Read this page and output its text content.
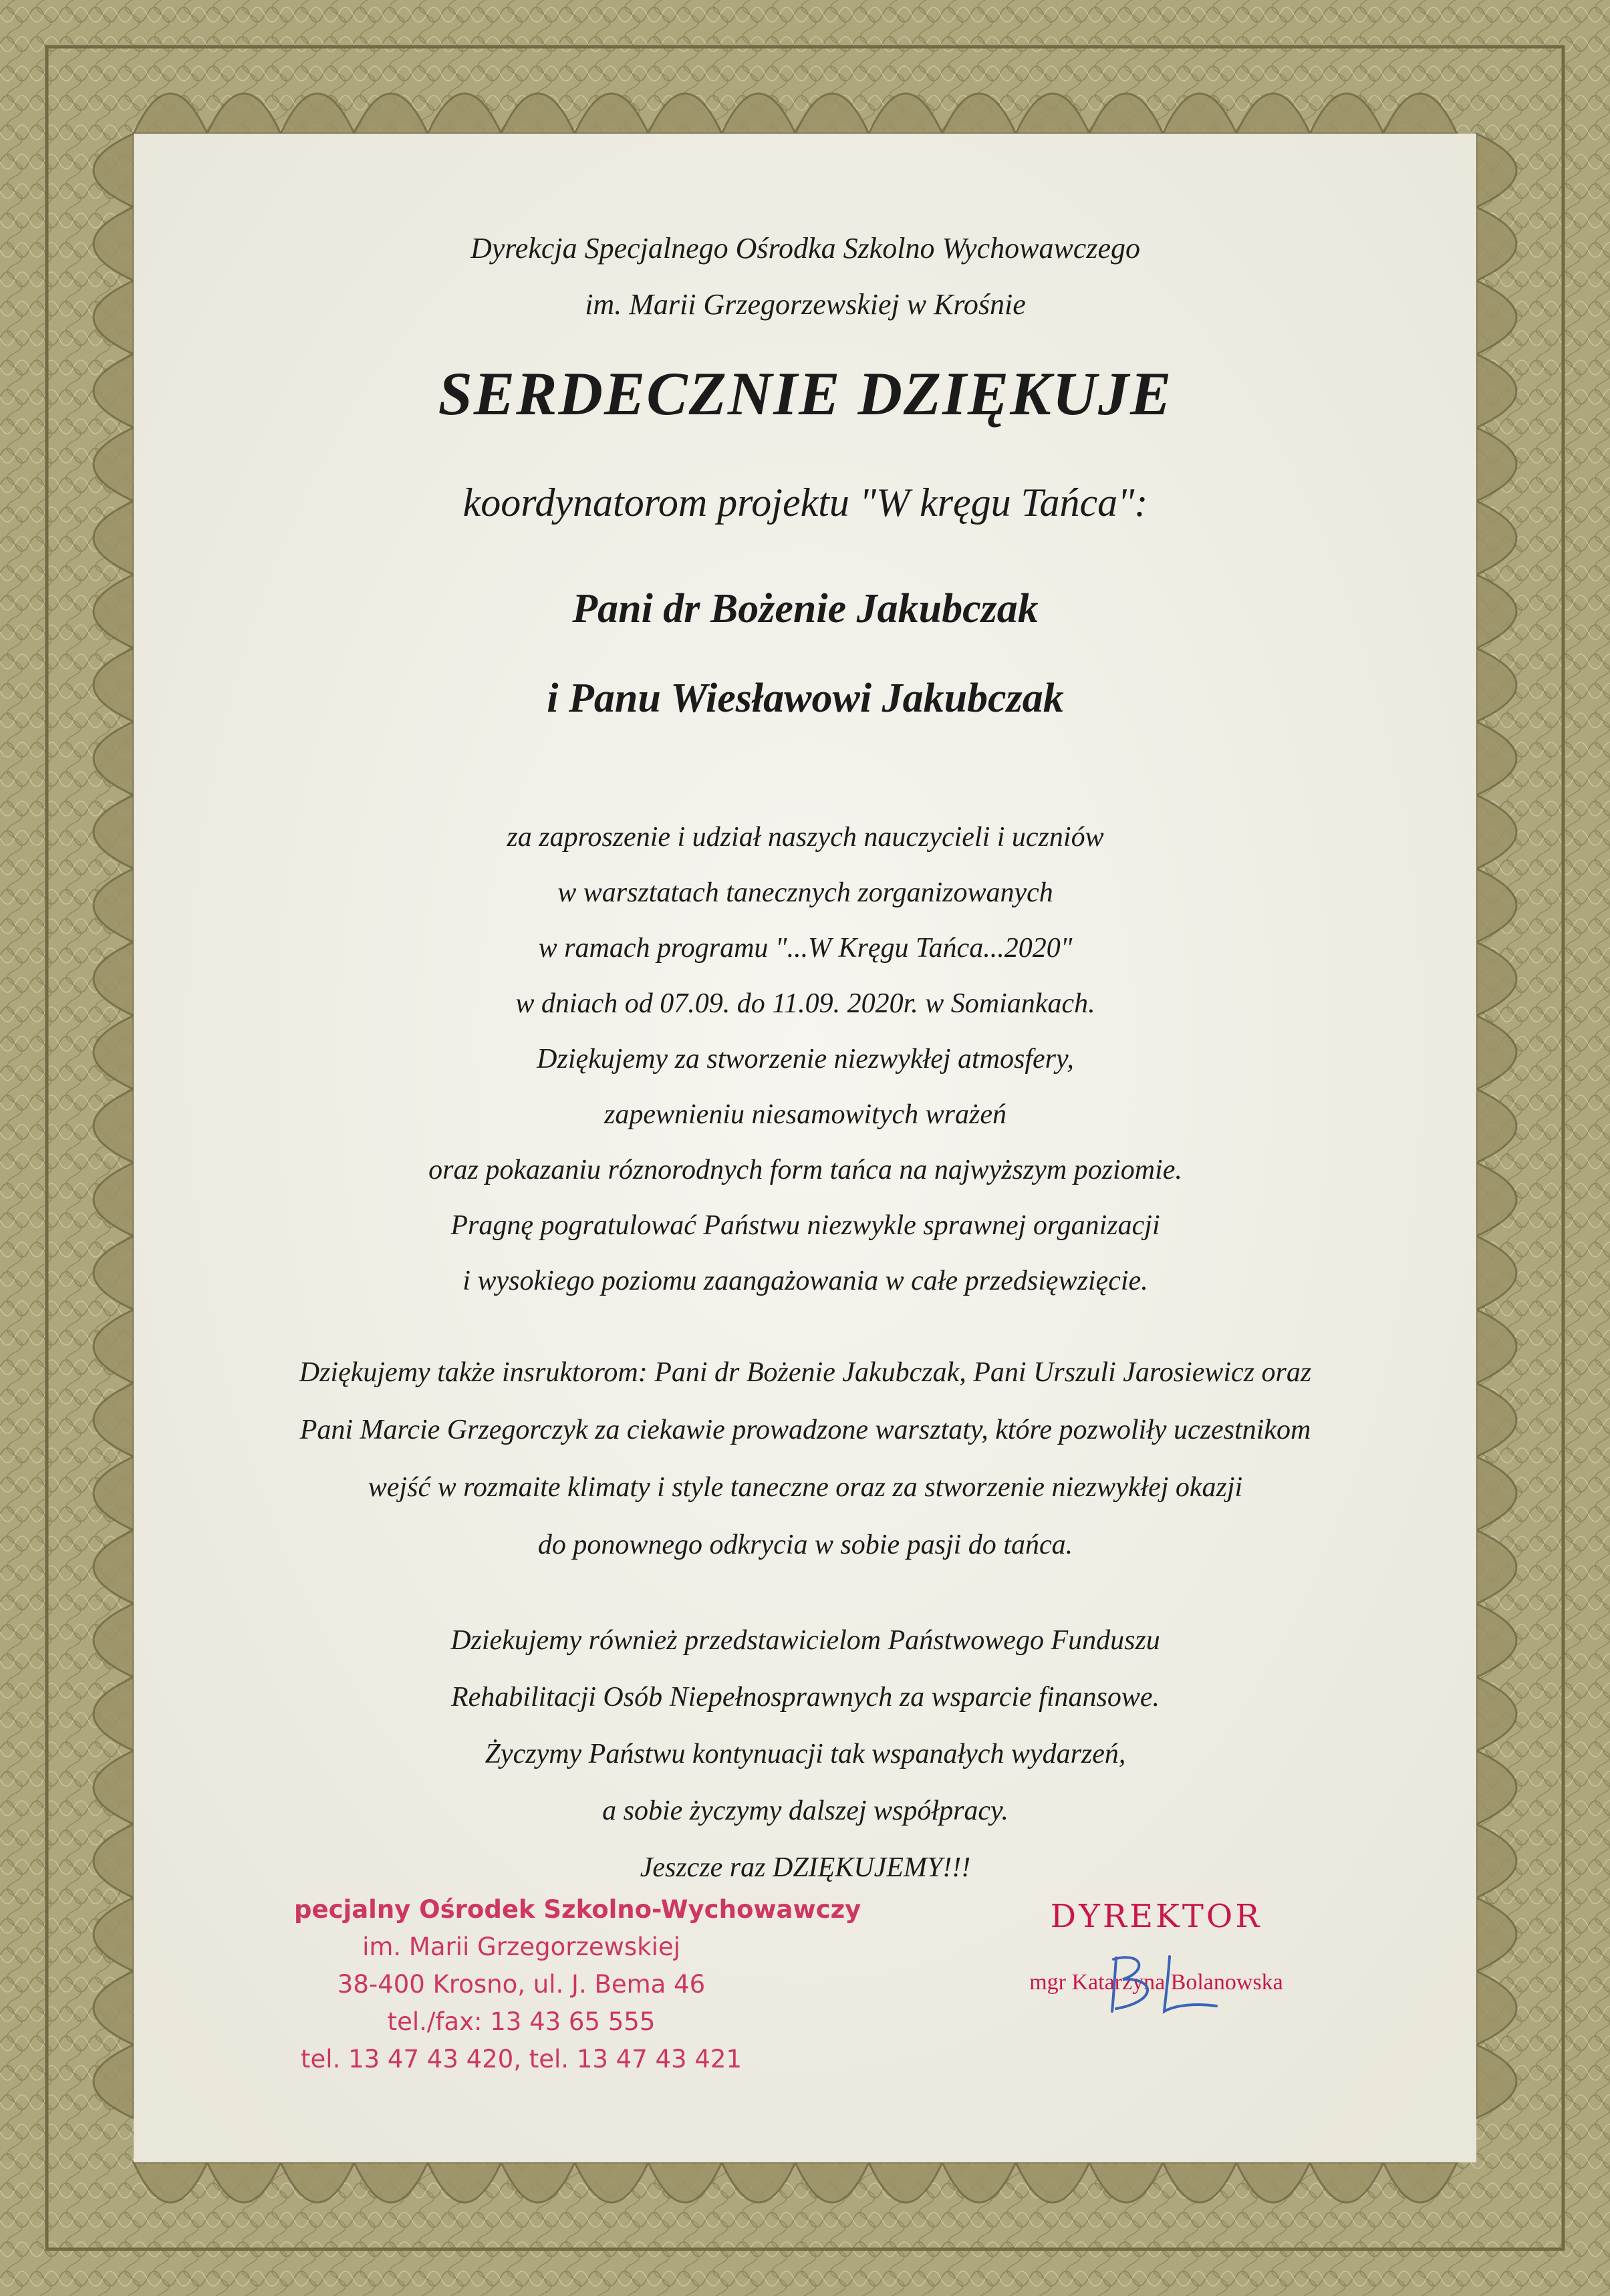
Dyrekcja Specjalnego Ośrodka Szkolno Wychowawczego
im. Marii Grzegorzewskiej w Krośnie
SERDECZNIE DZIĘKUJE
koordynatorom projektu "W kręgu Tańca":
Pani dr Bożenie Jakubczak
i Panu Wiesławowi Jakubczak
za zaproszenie i udział naszych nauczycieli i uczniów
w warsztatach tanecznych zorganizowanych
w ramach programu "...W Kręgu Tańca...2020"
w dniach od 07.09. do 11.09. 2020r. w Somiankach.
Dziękujemy za stworzenie niezwykłej atmosfery,
zapewnieniu niesamowitych wrażeń
oraz pokazaniu róznorodnych form tańca na najwyższym poziomie.
Pragnę pogratulować Państwu niezwykle sprawnej organizacji
i wysokiego poziomu zaangażowania w całe przedsięwzięcie.
Dziękujemy także insruktorom: Pani dr Bożenie Jakubczak, Pani Urszuli Jarosiewicz oraz
Pani Marcie Grzegorczyk za ciekawie prowadzone warsztaty, które pozwoliły uczestnikom
wejść w rozmaite klimaty i style taneczne oraz za stworzenie niezwykłej okazji
do ponownego odkrycia w sobie pasji do tańca.
Dziekujemy również przedstawicielom Państwowego Funduszu
Rehabilitacji Osób Niepełnosprawnych za wsparcie finansowe.
Życzymy Państwu kontynuacji tak wspanałych wydarzeń,
a sobie życzymy dalszej współpracy.
Jeszcze raz DZIĘKUJEMY!!!
pecjalny Ośrodek Szkolno-Wychowawczy
im. Marii Grzegorzewskiej
38-400 Krosno, ul. J. Bema 46
tel./fax: 13 43 65 555
tel. 13 47 43 420, tel. 13 47 43 421
DYREKTOR
mgr Katarzyna Bolanowska
